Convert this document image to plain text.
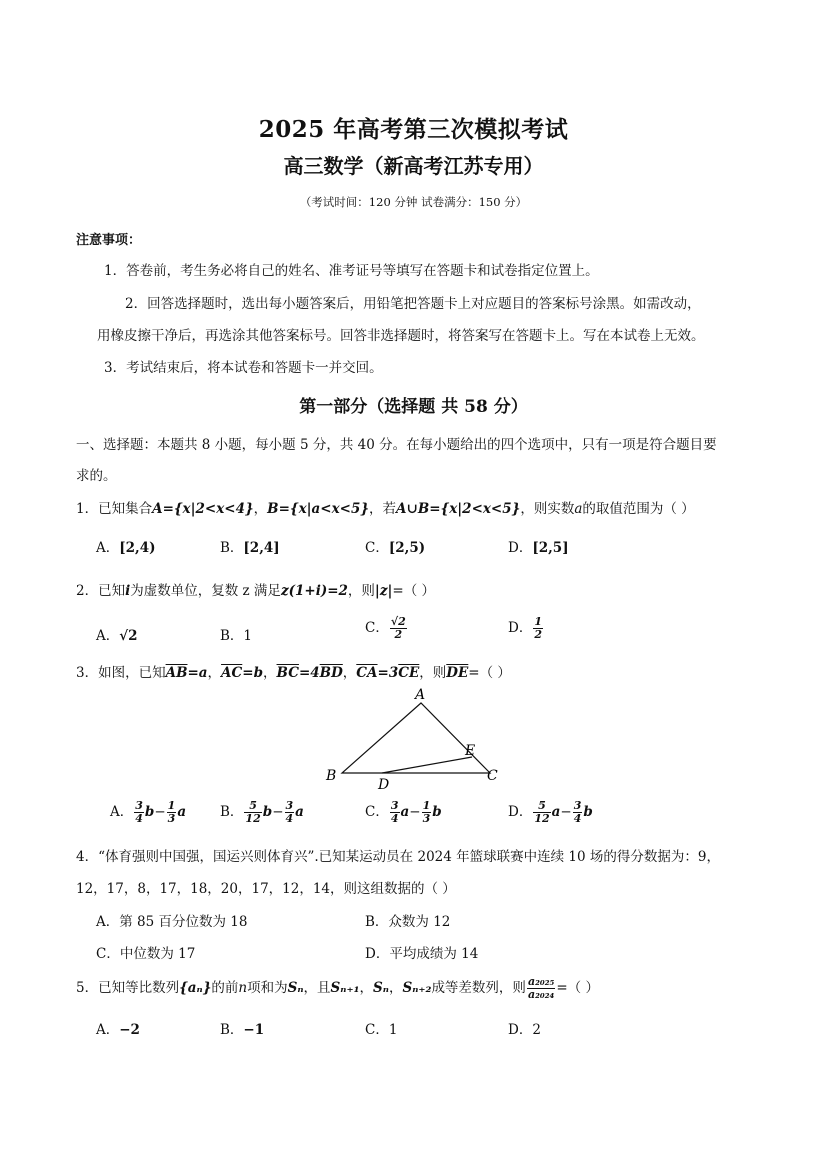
2025 年高考第三次模拟考试
高三数学（新高考江苏专用）
（考试时间：120 分钟 试卷满分：150 分）
注意事项：
1．答卷前，考生务必将自己的姓名、准考证号等填写在答题卡和试卷指定位置上。
2．回答选择题时，选出每小题答案后，用铅笔把答题卡上对应题目的答案标号涂黑。如需改动，
用橡皮擦干净后，再选涂其他答案标号。回答非选择题时，将答案写在答题卡上。写在本试卷上无效。
3．考试结束后，将本试卷和答题卡一并交回。
第一部分（选择题 共 58 分）
一、选择题：本题共 8 小题，每小题 5 分，共 40 分。在每小题给出的四个选项中，只有一项是符合题目要
求的。
1．已知集合A={x|2<x<4}，B={x|a<x<5}，若A∪B={x|2<x<5}，则实数a的取值范围为（ ）
A．[2,4)	B．[2,4]	C．[2,5)	D．[2,5]
2．已知i为虚数单位，复数 z 满足z(1+i)=2，则|z|=（ ）
A．√2	B．1	C． $\frac{√2}{2}$	D． $\frac{1}{2}$
3．如图，已知$\overline{AB}=a$，$\overline{AC}=b$，$\overline{BC}=4\overline{BD}$，$\overline{CA}=3\overline{CE}$，则$\overline{DE}=$（ ）
A
B	C
D
E
A． $\frac{3}{4} b- \frac{1}{3}$ a	B． $\frac{5}{12} b- \frac{3}{4}$ a	C． $\frac{3}{4} a- \frac{1}{3}$ b	D． $\frac{5}{12} a- \frac{3}{4}$ b
4．“体育强则中国强，国运兴则体育兴”.已知某运动员在 2024 年篮球联赛中连续 10 场的得分数据为：9，
12，17，8，17，18，20，17，12，14，则这组数据的（ ）
A．第 85 百分位数为 18	B．众数为 12
C．中位数为 17	D．平均成绩为 14
5．已知等比数列{aₙ}的前n项和为Sₙ，且Sₙ₊₁，Sₙ，Sₙ₊₂成等差数列，则 $\frac{\text{a₂₀₂₅}}{\text{a₂₀₂₄}}$ =（ ）
A．−2	B．−1	C．1	D．2
